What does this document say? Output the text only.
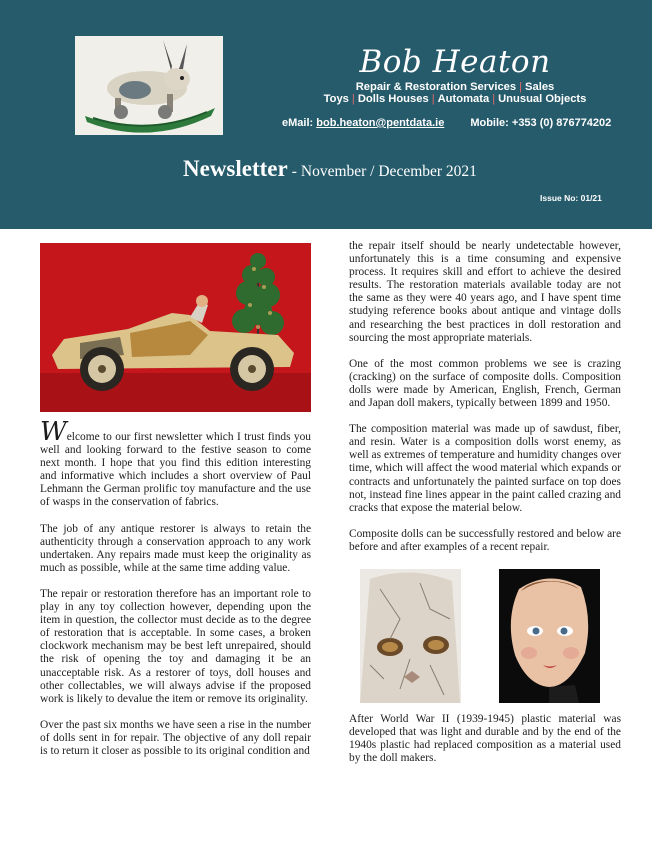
Bob Heaton
Repair & Restoration Services | Sales
Toys | Dolls Houses | Automata | Unusual Objects
eMail: bob.heaton@pentdata.ie Mobile: +353 (0) 876774202
Newsletter - November / December 2021
Issue No: 01/21

Welcome to our first newsletter which I trust finds you well and looking forward to the festive season to come next month. I hope that you find this edition interesting and informative which includes a short overview of Paul Lehmann the German prolific toy manufacture and the use of wasps in the conservation of fabrics.

The job of any antique restorer is always to retain the authenticity through a conservation approach to any work undertaken. Any repairs made must keep the originality as much as possible, while at the same time adding value.

The repair or restoration therefore has an important role to play in any toy collection however, depending upon the item in question, the collector must decide as to the degree of restoration that is acceptable. In some cases, a broken clockwork mechanism may be best left unrepaired, should the risk of opening the toy and damaging it be an unacceptable risk. As a restorer of toys, doll houses and other collectables, we will always advise if the proposed work is likely to devalue the item or remove its originality.

Over the past six months we have seen a rise in the number of dolls sent in for repair. The objective of any doll repair is to return it closer as possible to its original condition and

the repair itself should be nearly undetectable however, unfortunately this is a time consuming and expensive process. It requires skill and effort to achieve the desired results. The restoration materials available today are not the same as they were 40 years ago, and I have spent time studying reference books about antique and vintage dolls and researching the best practices in doll restoration and sourcing the most appropriate materials.

One of the most common problems we see is crazing (cracking) on the surface of composite dolls. Composition dolls were made by American, English, French, German and Japan doll makers, typically between 1899 and 1950.

The composition material was made up of sawdust, fiber, and resin. Water is a composition dolls worst enemy, as well as extremes of temperature and humidity changes over time, which will affect the wood material which expands or contracts and unfortunately the painted surface on top does not, instead fine lines appear in the paint called crazing and cracks that expose the material below.

Composite dolls can be successfully restored and below are before and after examples of a recent repair.

After World War II (1939-1945) plastic material was developed that was light and durable and by the end of the 1940s plastic had replaced composition as a material used by the doll makers.
